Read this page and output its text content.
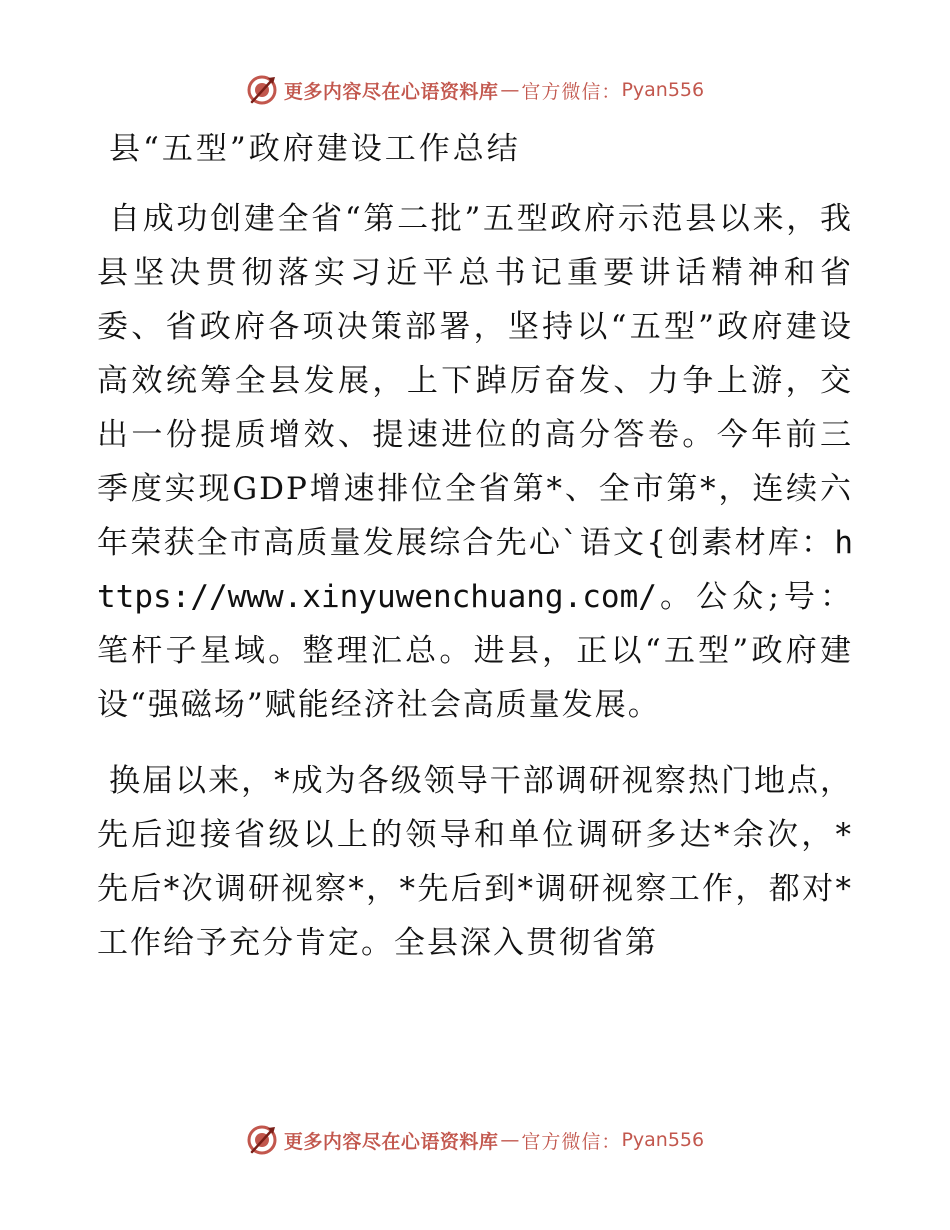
更多内容尽在心语资料库 — 官方微信： Pyan556
县“五型”政府建设工作总结

自成功创建全省“第二批”五型政府示范县以来，我县坚决贯彻落实习近平总书记重要讲话精神和省委、省政府各项决策部署，坚持以“五型”政府建设高效统筹全县发展，上下踔厉奋发、力争上游，交出一份提质增效、提速进位的高分答卷。今年前三季度实现GDP增速排位全省第*、全市第*，连续六年荣获全市高质量发展综合先心`语文{创素材库：https://www.xinyuwenchuang.com/。公众;号：笔杆子星域。整理汇总。进县，正以“五型”政府建设“强磁场”赋能经济社会高质量发展。

换届以来，*成为各级领导干部调研视察热门地点，先后迎接省级以上的领导和单位调研多达*余次，*先后*次调研视察*，*先后到*调研视察工作，都对*工作给予充分肯定。全县深入贯彻省第

更多内容尽在心语资料库 — 官方微信： Pyan556
